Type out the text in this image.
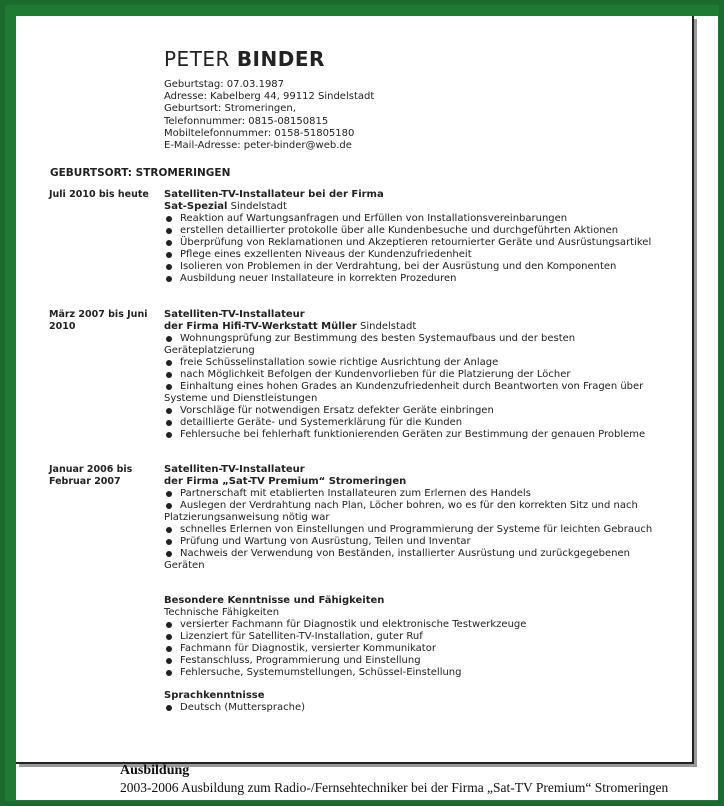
PETER BINDER
Geburtstag: 07.03.1987
Adresse: Kabelberg 44, 99112 Sindelstadt
Geburtsort: Stromeringen,
Telefonnummer: 0815-08150815
Mobiltelefonnummer: 0158-51805180
E-Mail-Adresse: peter-binder@web.de
GEBURTSORT: STROMERINGEN
Juli 2010 bis heute	Satelliten-TV-Installateur bei der Firma
Sat-Spezial Sindelstadt
Reaktion auf Wartungsanfragen und Erfüllen von Installationsvereinbarungen
erstellen detaillierter protokolle über alle Kundenbesuche und durchgeführten Aktionen
Überprüfung von Reklamationen und Akzeptieren retournierter Geräte und Ausrüstungsartikel
Pflege eines exzellenten Niveaus der Kundenzufriedenheit
Isolieren von Problemen in der Verdrahtung, bei der Ausrüstung und den Komponenten
Ausbildung neuer Installateure in korrekten Prozeduren
März 2007 bis Juni 2010
Satelliten-TV-Installateur
der Firma Hifi-TV-Werkstatt Müller Sindelstadt
Wohnungsprüfung zur Bestimmung des besten Systemaufbaus und der besten Geräteplatzierung
freie Schüsselinstallation sowie richtige Ausrichtung der Anlage
nach Möglichkeit Befolgen der Kundenvorlieben für die Platzierung der Löcher
Einhaltung eines hohen Grades an Kundenzufriedenheit durch Beantworten von Fragen über Systeme und Dienstleistungen
Vorschläge für notwendigen Ersatz defekter Geräte einbringen
detaillierte Geräte- und Systemerklärung für die Kunden
Fehlersuche bei fehlerhaft funktionierenden Geräten zur Bestimmung der genauen Probleme
Januar 2006 bis Februar 2007
Satelliten-TV-Installateur
der Firma „Sat-TV Premium“ Stromeringen
Partnerschaft mit etablierten Installateuren zum Erlernen des Handels
Auslegen der Verdrahtung nach Plan, Löcher bohren, wo es für den korrekten Sitz und nach Platzierungsanweisung nötig war
schnelles Erlernen von Einstellungen und Programmierung der Systeme für leichten Gebrauch
Prüfung und Wartung von Ausrüstung, Teilen und Inventar
Nachweis der Verwendung von Beständen, installierter Ausrüstung und zurückgegebenen Geräten
Besondere Kenntnisse und Fähigkeiten
Technische Fähigkeiten
versierter Fachmann für Diagnostik und elektronische Testwerkzeuge
Lizenziert für Satelliten-TV-Installation, guter Ruf
Fachmann für Diagnostik, versierter Kommunikator
Festanschluss, Programmierung und Einstellung
Fehlersuche, Systemumstellungen, Schüssel-Einstellung
Sprachkenntnisse
Deutsch (Muttersprache)
Ausbildung
2003-2006 Ausbildung zum Radio-/Fernsehtechniker bei der Firma „Sat-TV Premium“ Stromeringen
